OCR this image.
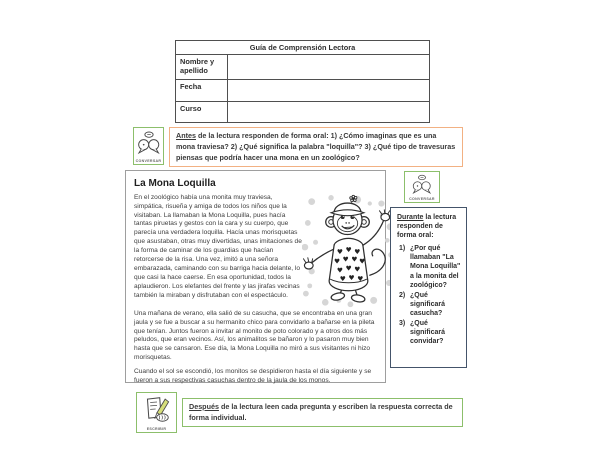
Guía de Comprensión Lectora
Nombre y apellido
Fecha
Curso
CONVERSAR
Antes de la lectura responden de forma oral: 1) ¿Cómo imaginas que es una mona traviesa? 2) ¿Qué significa la palabra "loquilla"? 3) ¿Qué tipo de travesuras piensas que podría hacer una mona en un zoológico?
La Mona Loquilla

En el zoológico había una monita muy traviesa, simpática, risueña y amiga de todos los niños que la visitaban. La llamaban la Mona Loquilla, pues hacía tantas piruetas y gestos con la cara y su cuerpo, que parecía una verdadera loquilla. Hacía unas morisquetas que asustaban, otras muy divertidas, unas imitaciones de la forma de caminar de los guardias que hacían retorcerse de la risa. Una vez, imitó a una señora embarazada, caminando con su barriga hacia delante, lo que casi la hace caerse. En esa oportunidad, todos la aplaudieron. Los elefantes del frente y las jirafas vecinas también la miraban y disfrutaban con el espectáculo.

♥ ♥ ♥
♥ ♥ ♥ ♥
♥ ♥ ♥
♥ ♥ ♥

Una mañana de verano, ella salió de su casucha, que se encontraba en una gran jaula y se fue a buscar a su hermanito chico para convidarlo a bañarse en la pileta que tenían. Juntos fueron a invitar al monito de poto colorado y a otros dos más peludos, que eran vecinos. Así, los animalitos se bañaron y lo pasaron muy bien hasta que se cansaron. Ese día, la Mona Loquilla no miró a sus visitantes ni hizo morisquetas.

Cuando el sol se escondió, los monitos se despidieron hasta el día siguiente y se fueron a sus respectivas casuchas dentro de la jaula de los monos.

CONVERSAR
Durante la lectura responden de forma oral:
1) ¿Por qué llamaban "La Mona Loquilla" a la monita del zoológico?
2) ¿Qué significará casucha?
3) ¿Qué significará convidar?
ESCRIBIR
Después de la lectura leen cada pregunta y escriben la respuesta correcta de forma individual.
